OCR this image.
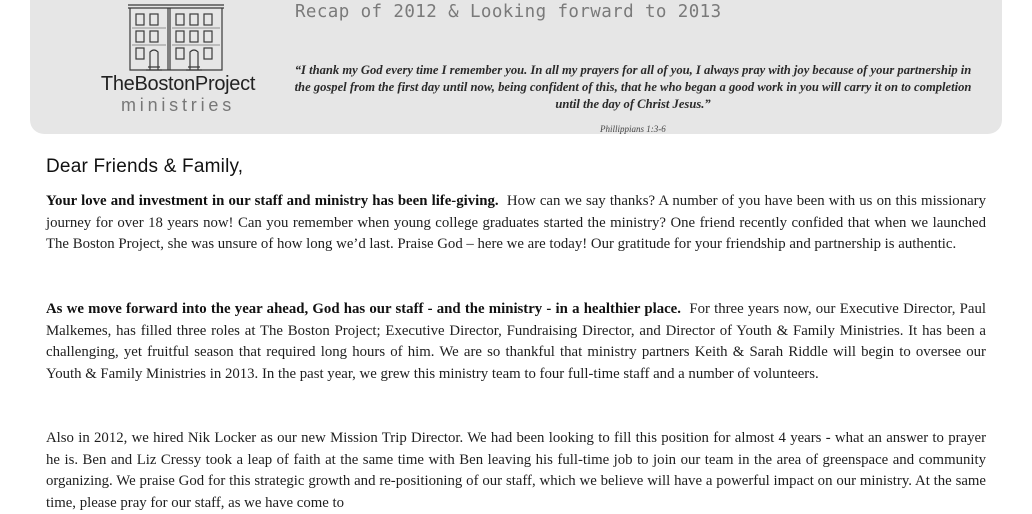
TheBostonProject
ministries
Recap of 2012 & Looking forward to 2013
“I thank my God every time I remember you. In all my prayers for all of you, I always pray with joy because of your partnership in the gospel from the first day until now, being confident of this, that he who began a good work in you will carry it on to completion until the day of Christ Jesus.”
Phillippians 1:3-6
Dear Friends & Family,

Your love and investment in our staff and ministry has been life-giving. How can we say thanks? A number of you have been with us on this missionary journey for over 18 years now! Can you remember when young college graduates started the ministry? One friend recently confided that when we launched The Boston Project, she was unsure of how long we’d last. Praise God – here we are today! Our gratitude for your friendship and partnership is authentic.

As we move forward into the year ahead, God has our staff - and the ministry - in a healthier place. For three years now, our Executive Director, Paul Malkemes, has filled three roles at The Boston Project; Executive Director, Fundraising Director, and Director of Youth & Family Ministries. It has been a challenging, yet fruitful season that required long hours of him. We are so thankful that ministry partners Keith & Sarah Riddle will begin to oversee our Youth & Family Ministries in 2013. In the past year, we grew this ministry team to four full-time staff and a number of volunteers.

Also in 2012, we hired Nik Locker as our new Mission Trip Director. We had been looking to fill this position for almost 4 years - what an answer to prayer he is. Ben and Liz Cressy took a leap of faith at the same time with Ben leaving his full-time job to join our team in the area of greenspace and community organizing. We praise God for this strategic growth and re-positioning of our staff, which we believe will have a powerful impact on our ministry. At the same time, please pray for our staff, as we have come to
